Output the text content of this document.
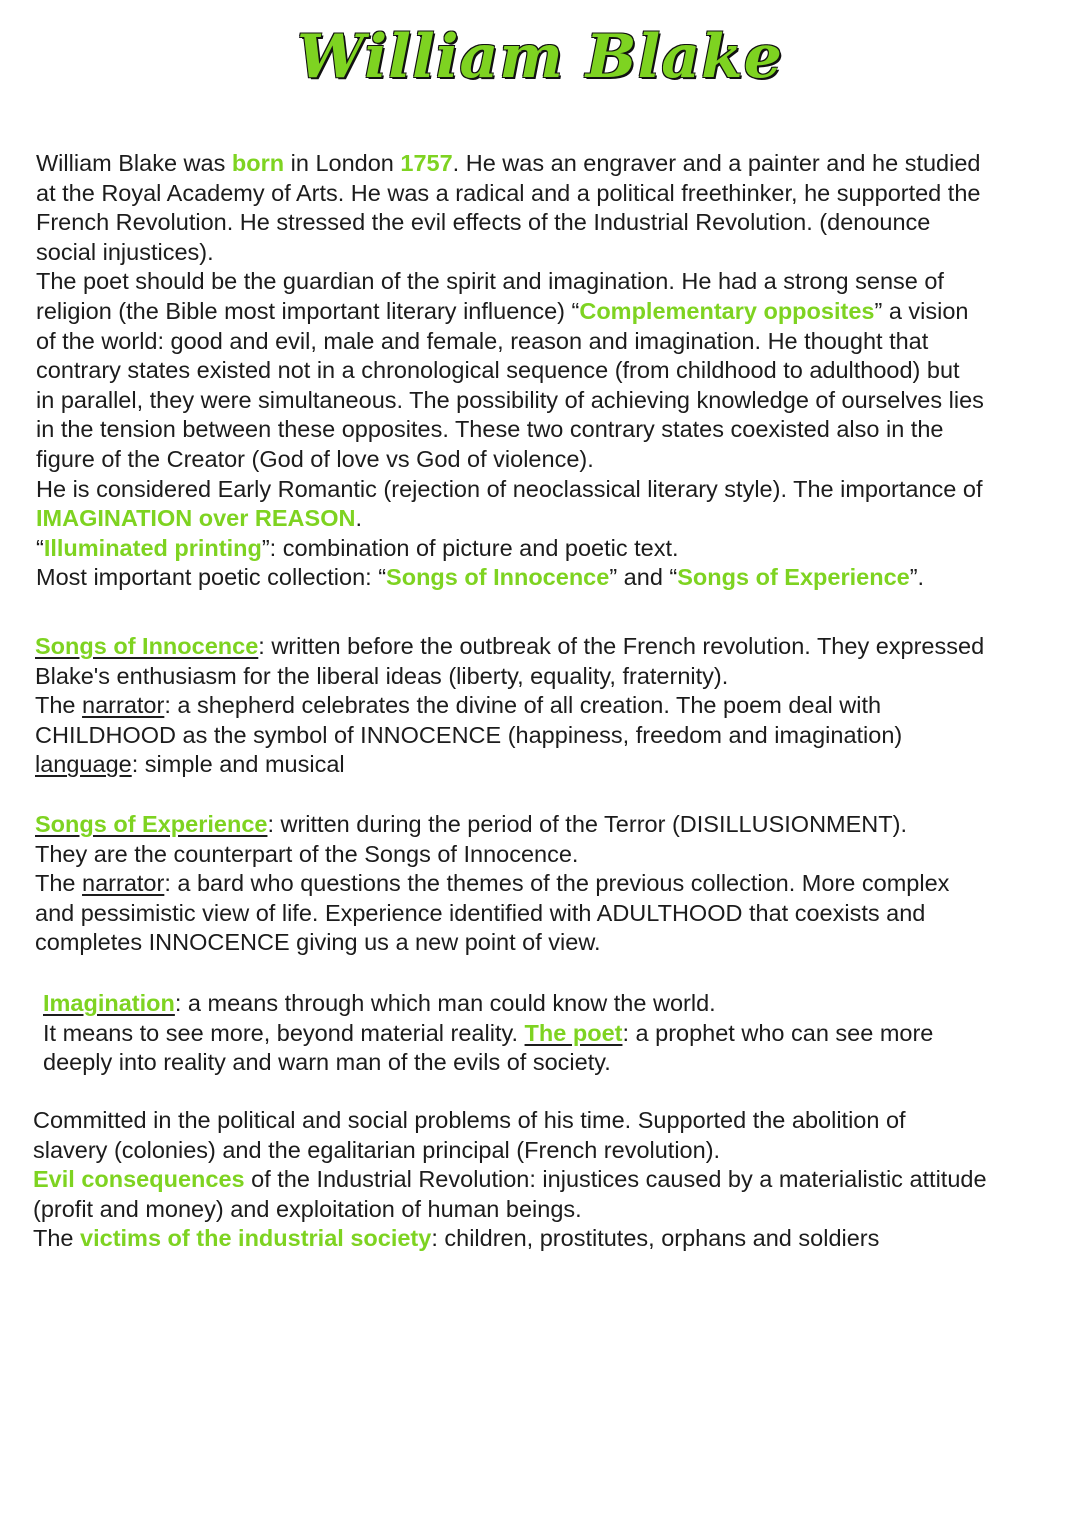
William Blake

William Blake was born in London 1757. He was an engraver and a painter and he studied

at the Royal Academy of Arts. He was a radical and a political freethinker, he supported the

French Revolution. He stressed the evil effects of the Industrial Revolution. (denounce

social injustices).

The poet should be the guardian of the spirit and imagination. He had a strong sense of

religion (the Bible most important literary influence) “Complementary opposites” a vision

of the world: good and evil, male and female, reason and imagination. He thought that

contrary states existed not in a chronological sequence (from childhood to adulthood) but

in parallel, they were simultaneous. The possibility of achieving knowledge of ourselves lies

in the tension between these opposites. These two contrary states coexisted also in the

figure of the Creator (God of love vs God of violence).

He is considered Early Romantic (rejection of neoclassical literary style). The importance of

IMAGINATION over REASON.

“Illuminated printing”: combination of picture and poetic text.

Most important poetic collection: “Songs of Innocence” and “Songs of Experience”.

Songs of Innocence: written before the outbreak of the French revolution. They expressed

Blake's enthusiasm for the liberal ideas (liberty, equality, fraternity).

The narrator: a shepherd celebrates the divine of all creation. The poem deal with

CHILDHOOD as the symbol of INNOCENCE (happiness, freedom and imagination)

language: simple and musical

Songs of Experience: written during the period of the Terror (DISILLUSIONMENT).

They are the counterpart of the Songs of Innocence.

The narrator: a bard who questions the themes of the previous collection. More complex

and pessimistic view of life. Experience identified with ADULTHOOD that coexists and

completes INNOCENCE giving us a new point of view.

Imagination: a means through which man could know the world.

It means to see more, beyond material reality. The poet: a prophet who can see more

deeply into reality and warn man of the evils of society.

Committed in the political and social problems of his time. Supported the abolition of

slavery (colonies) and the egalitarian principal (French revolution).

Evil consequences of the Industrial Revolution: injustices caused by a materialistic attitude

(profit and money) and exploitation of human beings.

The victims of the industrial society: children, prostitutes, orphans and soldiers
